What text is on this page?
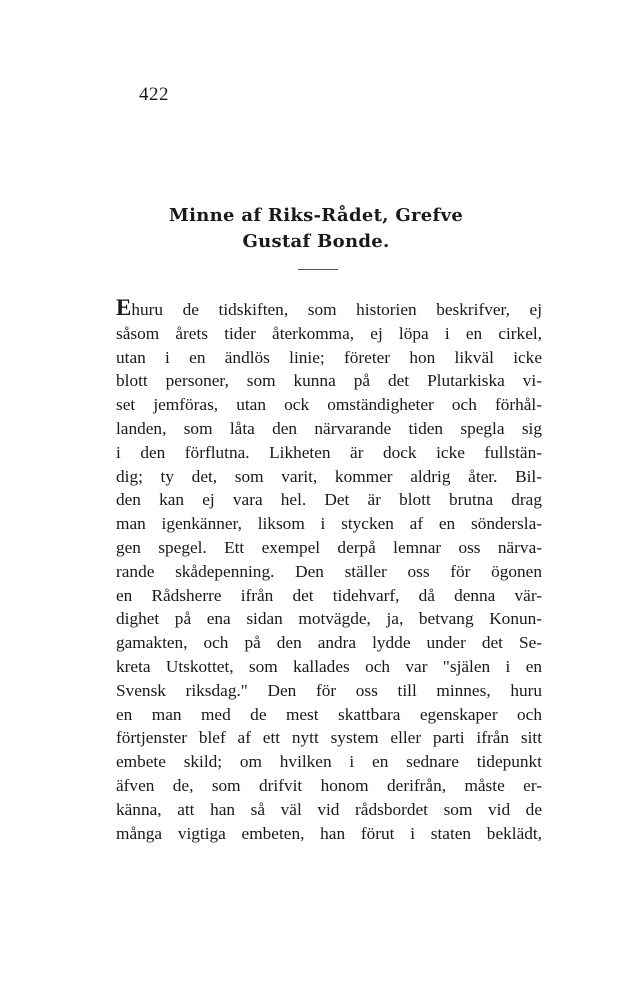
422
Minne af Riks-Rådet, Grefve
Gustaf Bonde.
Ehuru de tidskiften, som historien beskrifver, ej
såsom årets tider återkomma, ej löpa i en cirkel,
utan i en ändlös linie; företer hon likväl icke
blott personer, som kunna på det Plutarkiska vi-
set jemföras, utan ock omständigheter och förhål-
landen, som låta den närvarande tiden spegla sig
i den förflutna. Likheten är dock icke fullstän-
dig; ty det, som varit, kommer aldrig åter. Bil-
den kan ej vara hel. Det är blott brutna drag
man igenkänner, liksom i stycken af en sönderslа-
gen spegel. Ett exempel derpå lemnar oss närva-
rande skådepenning. Den ställer oss för ögonen
en Rådsherre ifrån det tidehvarf, då denna vär-
dighet på ena sidan motvägde, ja, betvang Konun-
gamakten, och på den andra lydde under det Se-
kreta Utskottet, som kallades och var "själen i en
Svensk riksdag." Den för oss till minnes, huru
en man med de mest skattbara egenskaper och
förtjenster blef af ett nytt system eller parti ifrån sitt
embete skild; om hvilken i en sednare tidepunkt
äfven de, som drifvit honom derifrån, måste er-
känna, att han så väl vid rådsbordet som vid de
många vigtiga embeten, han förut i staten beklädt,
